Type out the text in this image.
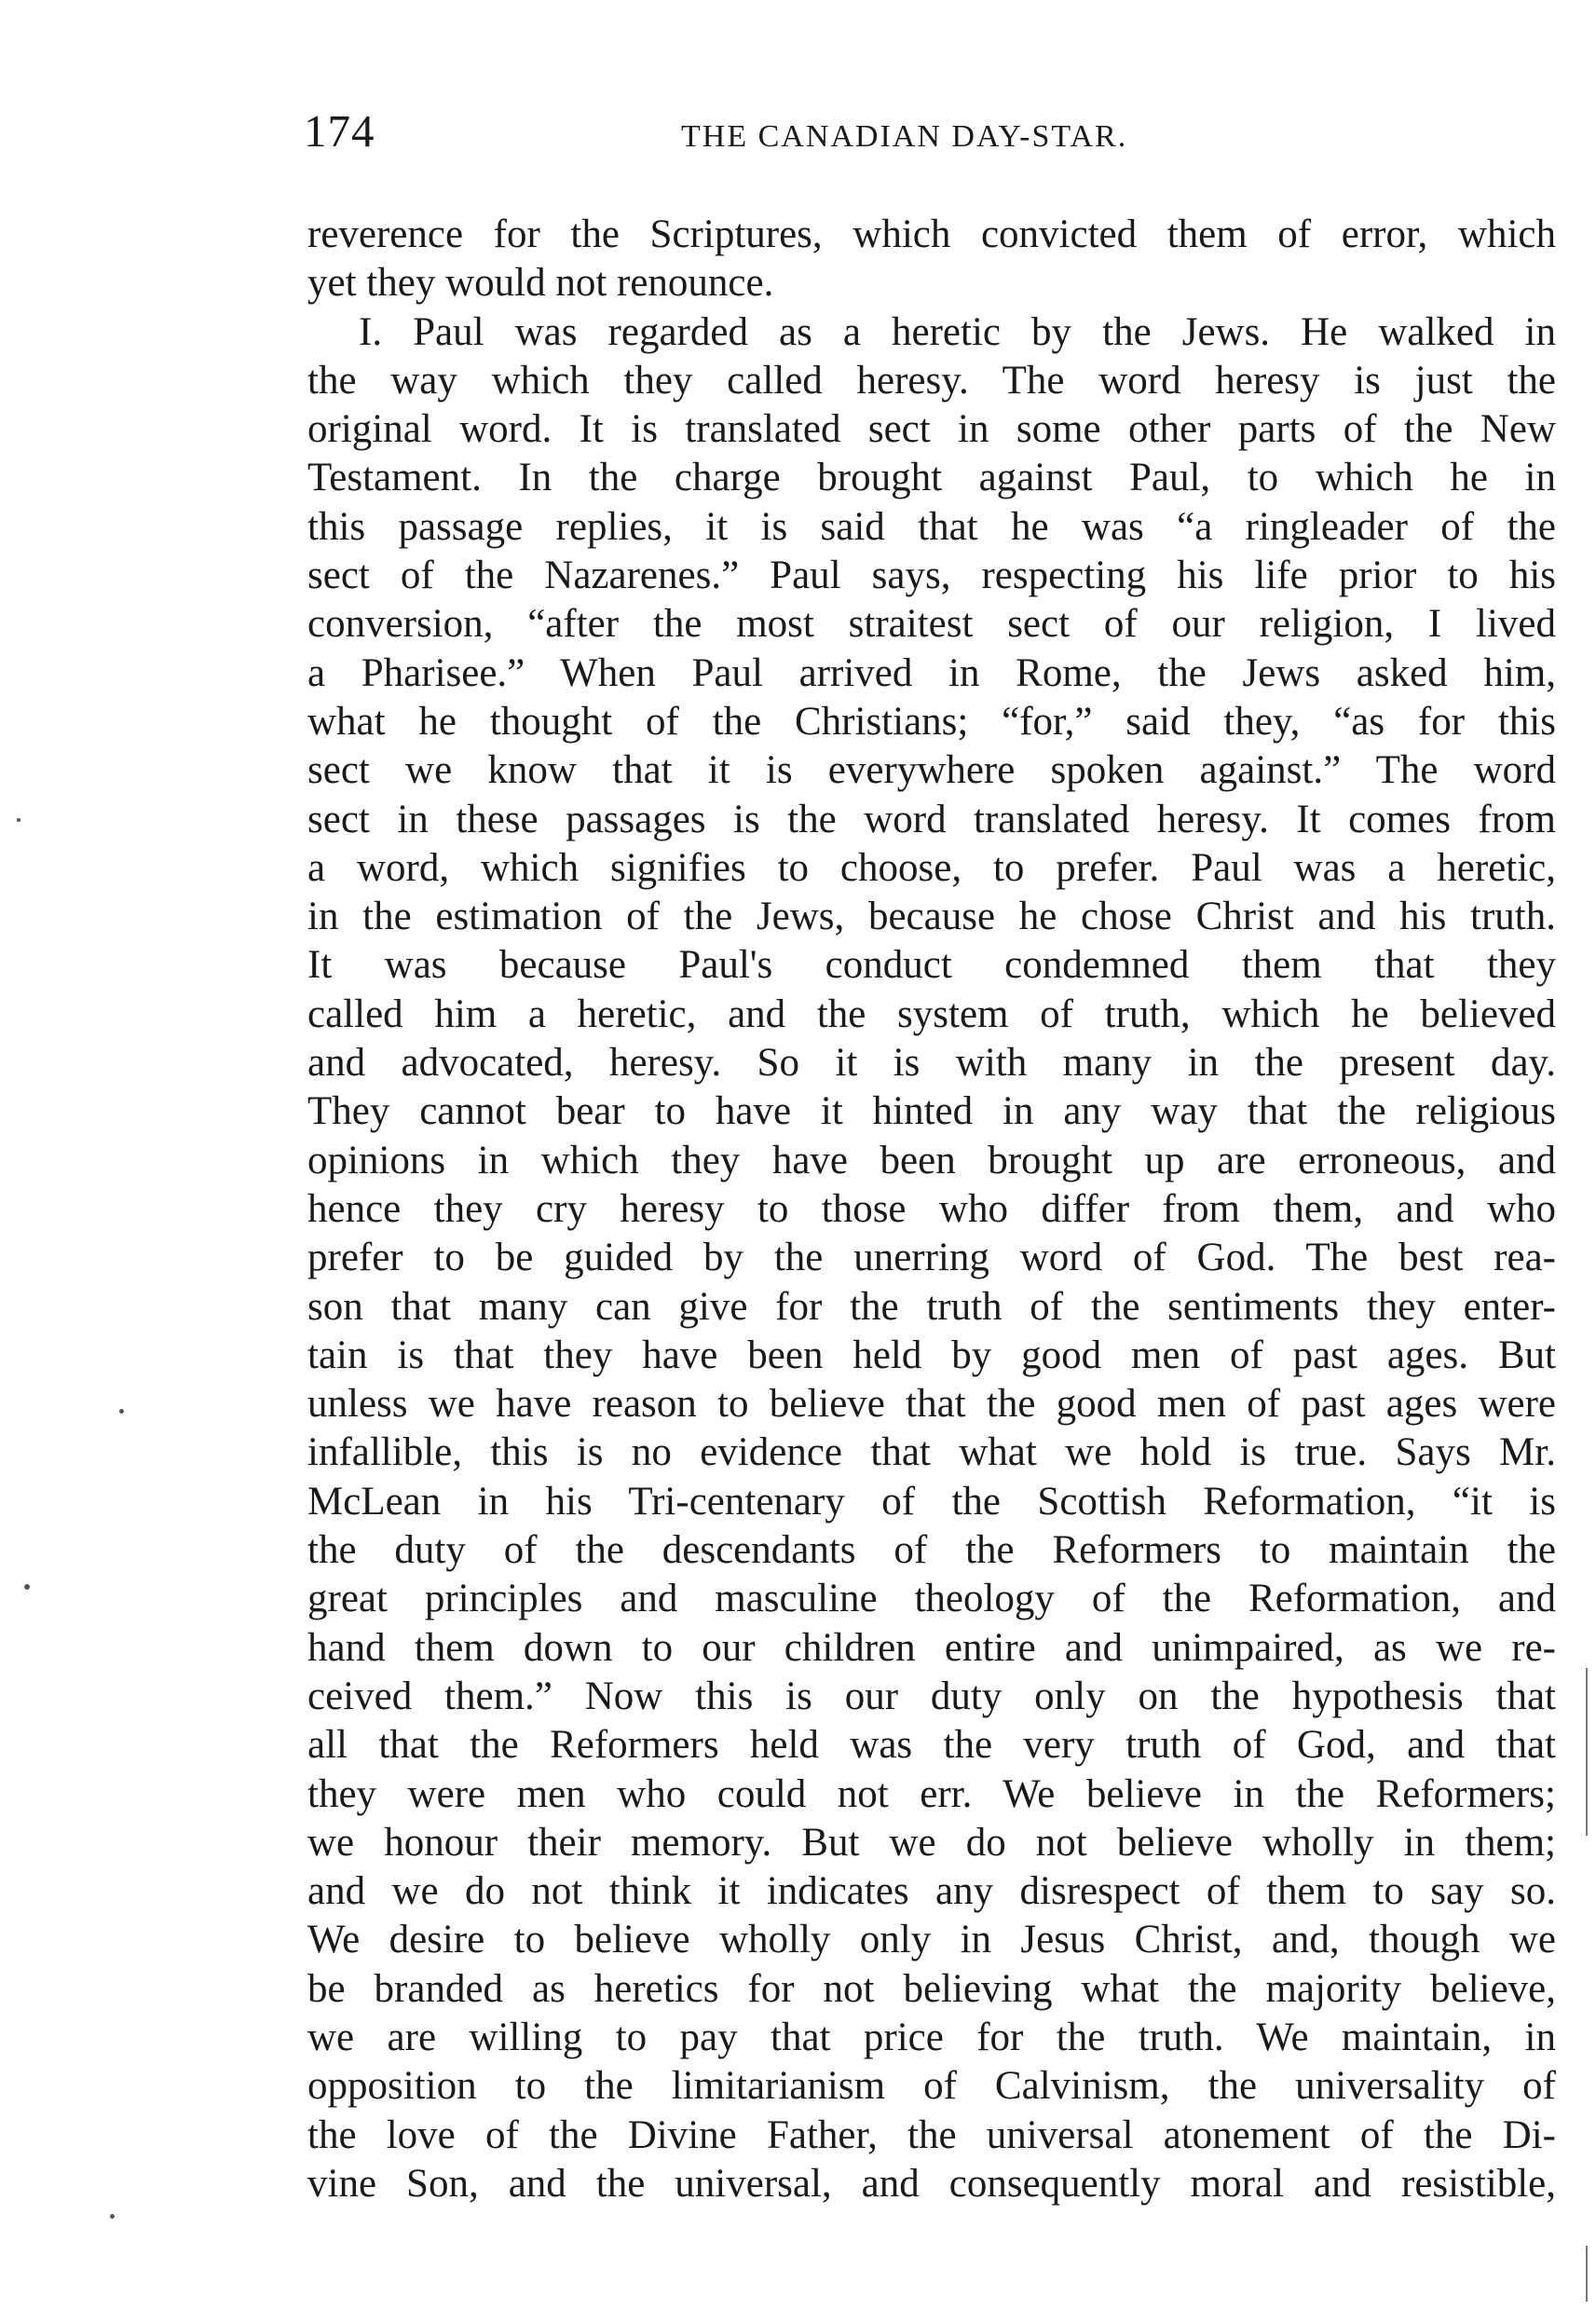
174	THE CANADIAN DAY-STAR.
reverence for the Scriptures, which convicted them of error, which
yet they would not renounce.
I. Paul was regarded as a heretic by the Jews. He walked in
the way which they called heresy. The word heresy is just the
original word. It is translated sect in some other parts of the New
Testament. In the charge brought against Paul, to which he in
this passage replies, it is said that he was “a ringleader of the
sect of the Nazarenes.” Paul says, respecting his life prior to his
conversion, “after the most straitest sect of our religion, I lived
a Pharisee.” When Paul arrived in Rome, the Jews asked him,
what he thought of the Christians; “for,” said they, “as for this
sect we know that it is everywhere spoken against.” The word
sect in these passages is the word translated heresy. It comes from
a word, which signifies to choose, to prefer. Paul was a heretic,
in the estimation of the Jews, because he chose Christ and his truth.
It was because Paul's conduct condemned them that they
called him a heretic, and the system of truth, which he believed
and advocated, heresy. So it is with many in the present day.
They cannot bear to have it hinted in any way that the religious
opinions in which they have been brought up are erroneous, and
hence they cry heresy to those who differ from them, and who
prefer to be guided by the unerring word of God. The best rea-
son that many can give for the truth of the sentiments they enter-
tain is that they have been held by good men of past ages. But
unless we have reason to believe that the good men of past ages were
infallible, this is no evidence that what we hold is true. Says Mr.
McLean in his Tri-centenary of the Scottish Reformation, “it is
the duty of the descendants of the Reformers to maintain the
great principles and masculine theology of the Reformation, and
hand them down to our children entire and unimpaired, as we re-
ceived them.” Now this is our duty only on the hypothesis that
all that the Reformers held was the very truth of God, and that
they were men who could not err. We believe in the Reformers;
we honour their memory. But we do not believe wholly in them;
and we do not think it indicates any disrespect of them to say so.
We desire to believe wholly only in Jesus Christ, and, though we
be branded as heretics for not believing what the majority believe,
we are willing to pay that price for the truth. We maintain, in
opposition to the limitarianism of Calvinism, the universality of
the love of the Divine Father, the universal atonement of the Di-
vine Son, and the universal, and consequently moral and resistible,
